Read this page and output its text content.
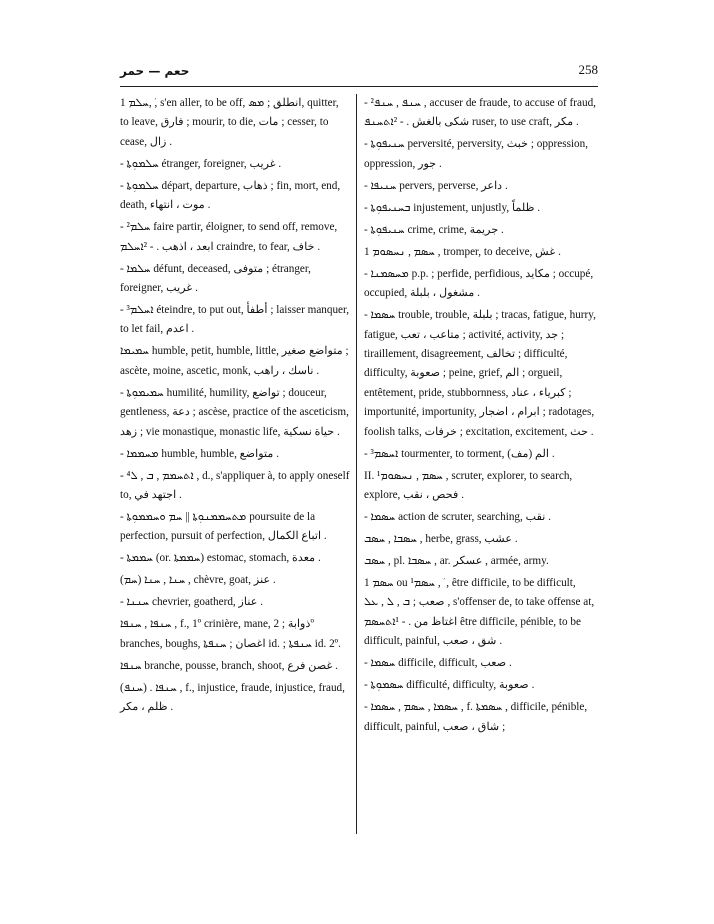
حعم — حمر	258
1 ܚܠܡ, ܿ, s'en aller, to be off, انطلق ; ܡܣ, quitter, to leave, فارق ; mourir, to die, مات ; cesser, to cease, زال .
- ܚܠܡܘܼܬܐ étranger, foreigner, غريب .
- ܚܠܡܘܼܬܐ départ, departure, ذهاب ; fin, mort, end, death, موت ، انتهاء .
- ²ܚܠܡ faire partir, éloigner, to send off, remove, ابعد ، اذهب . - ²ܐܚܠܡ craindre, to fear, خاف .
- ܚܠܡܐ défunt, deceased, متوفى ; étranger, foreigner, غريب .
- ³ܐܚܠܡ éteindre, to put out, أطفأ ; laisser manquer, to let fail, اعدم .
ܚܡܝܡܐ humble, petit, humble, little, متواضع صغير ; ascète, moine, ascetic, monk, ناسك ، راهب .
- ܚܡܝܡܘܼܬܐ humilité, humility, تواضع ; douceur, gentleness, دعة ; ascèse, practice of the asceticism, زهد ; vie monastique, monastic life, حياة نسكية .
- ܡܚܡܡܐ humble, humble, متواضع .
- ⁴ܐܬܚܡܡ , ܒ , ܠ , d., s'appliquer à, to apply oneself to, اجتهد في .
- ܡܬܚܡܡܢܘܼܬܐ || ܚܡ ܘܚܡܡܘܼܬܐ poursuite de la perfection, pursuit of perfection, اتباع الكمال .
- ܚܡܡܬܐ (or. ܚܡܡܬܐ) estomac, stomach, معدة .
(ܚܡ) ܚܢܐ , ܚܢܐ , chèvre, goat, عنز .
- ܚܢܢܐ chevrier, goatherd, عناز .
ܚܢܦܐ , ܚܢܦܐ , f., 1º crinière, mane, ذوابة ; 2º branches, boughs, اغصان ; ܚܢܦܬܐ id. ; ܚܢܦܬܐ id. 2º.
ܚܢܦܐ branche, pousse, branch, shoot, غصن فرع .
(ܚܢܦ) . ܚܢܦܐ , f., injustice, fraude, injustice, fraud, ظلم ، مكر .
- ²ܚܢܦ , ܚܢܦ , accuser de fraude, to accuse of fraud, شكى بالغش . - ²ܐܬܚܢܦ ruser, to use craft, مكر .
- ܚܢܝܦܘܼܬܐ perversité, perversity, خبث ; oppression, oppression, جور .
- ܚܢܝܦܐ pervers, perverse, داعر .
- ܒܚܢܝܦܘܼܬܐ injustement, unjustly, ظلماً .
- ܚܢܝܦܘܼܬܐ crime, crime, جريمة .
1 ܚܣܡ , ܢܚܣܘܡ , tromper, to deceive, غش .
- ܡܚܣܡܢܐ p.p. ; perfide, perfidious, مكايد ; occupé, occupied, مشغول ، بلبلة .
- ܚܣܡܐ trouble, trouble, بلبلة ; tracas, fatigue, hurry, fatigue, متاعب ، تعب ; activité, activity, جد ; tiraillement, disagreement, تخالف ; difficulté, difficulty, صعوبة ; peine, grief, الم ; orgueil, entêtement, pride, stubbornness, كبرياء ، عناد ; importunité, importunity, ابرام ، اضجار ; radotages, foolish talks, خرفات ; excitation, excitement, حث .
- ³ܐܚܣܡ tourmenter, to torment, (مف) الم .
II. ¹ܚܣܡ , ܢܚܣܘܡ , scruter, explorer, to search, explore, فحص ، نقب .
- ܚܣܡܐ action de scruter, searching, نقب .
ܚܣܒܐ , ܚܣܒ , herbe, grass, عشب .
ܚܣܒ , pl. ܚܣܒܐ , ar. عسكر , armée, army.
1 ܚܣܡ ou ¹ܚܣܡ , ܿ , être difficile, to be difficult, صعب ; ܒ , ܠ , ܥܠ , s'offenser de, to take offense at, اغتاظ من . - ¹ܐܬܚܣܡ être difficile, pénible, to be difficult, painful, شق ، صعب .
- ܚܣܡܐ difficile, difficult, صعب .
- ܚܣܡܘܼܬܐ difficulté, difficulty, صعوبة .
- ܚܣܡܐ , ܚܣܡ , ܚܣܡܐ , f. ܚܣܡܬܐ , difficile, pénible, difficult, painful, شاق ، صعب ;
